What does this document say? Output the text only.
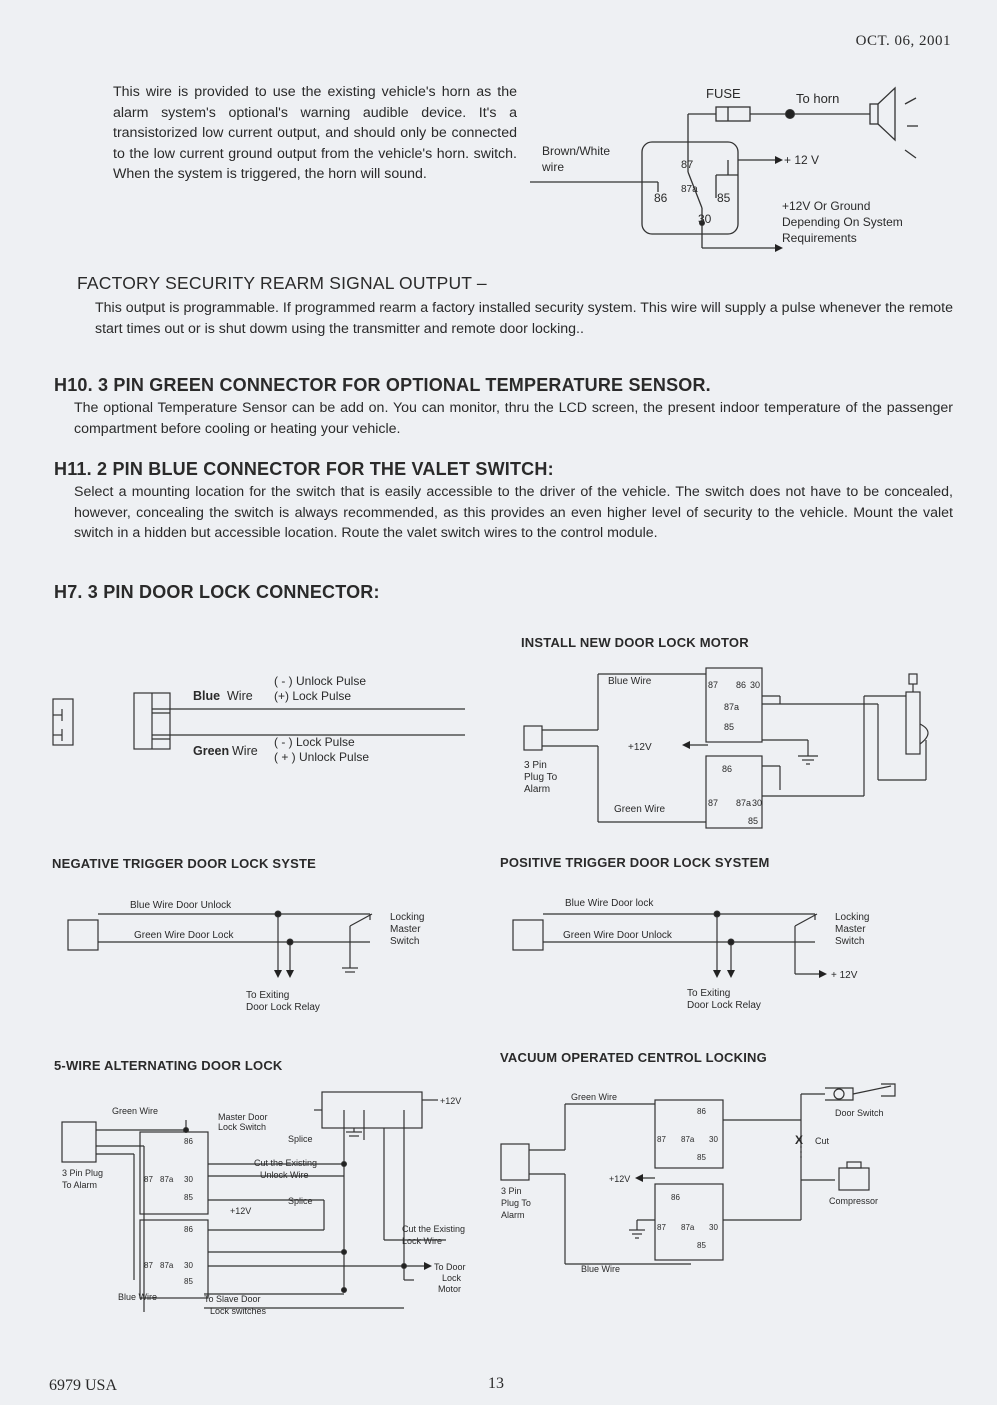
OCT. 06, 2001
This wire is provided to use the existing vehicle's horn as the alarm system's optional's warning audible device. It's a transistorized low current output, and should only be connected to the low current ground output from the vehicle's horn. switch. When the system is triggered, the horn will sound.
FUSE	To horn
Brown/White
wire	87
86
87a
85
30
+ 12 V
+12V Or Ground
Depending On System
Requirements
FACTORY SECURITY REARM SIGNAL OUTPUT –
This output is programmable. If programmed rearm a factory installed security system. This wire will supply a pulse whenever the remote start times out or is shut dowm using the transmitter and remote door locking..
H10. 3 PIN GREEN CONNECTOR FOR OPTIONAL TEMPERATURE SENSOR.
The optional Temperature Sensor can be add on. You can monitor, thru the LCD screen, the present indoor temperature of the passenger compartment before cooling or heating your vehicle.
H11. 2 PIN BLUE CONNECTOR FOR THE VALET SWITCH:
Select a mounting location for the switch that is easily accessible to the driver of the vehicle. The switch does not have to be concealed, however, concealing the switch is always recommended, as this provides an even higher level of security to the vehicle. Mount the valet switch in a hidden but accessible location. Route the valet switch wires to the control module.
H7. 3 PIN DOOR LOCK CONNECTOR:
Blue Wire
( - ) Unlock Pulse
(+) Lock Pulse
Green Wire
( - ) Lock Pulse
( + ) Unlock Pulse
INSTALL NEW DOOR LOCK MOTOR
Blue Wire
Green Wire
3 Pin
Plug To
Alarm
+12V
87 86 30
87a
85
86
87 87a 30
85
NEGATIVE TRIGGER DOOR LOCK SYSTE
Blue Wire Door Unlock
Green Wire Door Lock
Locking
Master
Switch
To Exiting
Door Lock Relay
POSITIVE TRIGGER DOOR LOCK SYSTEM
Blue Wire Door lock
Green Wire Door Unlock
Locking
Master
Switch
+ 12V
To Exiting
Door Lock Relay
5-WIRE ALTERNATING DOOR LOCK
Green Wire
Master Door
Lock Switch
Splice
Cut the Existing
Unlock Wire
Splice
+12V
+12V
3 Pin Plug
To Alarm
Cut the Existing
Lock Wire
To Door
Lock
Motor
Blue Wire	To Slave Door
Lock switches
86
87 87a 30
85
86
87 87a 30
85
VACUUM OPERATED CENTROL LOCKING
Green Wire
Door Switch
X Cut
+12V
3 Pin
Plug To
Alarm
Compressor
Blue Wire
86
87 87a 30
85
86
87 87a 30
85
6979 USA	13
